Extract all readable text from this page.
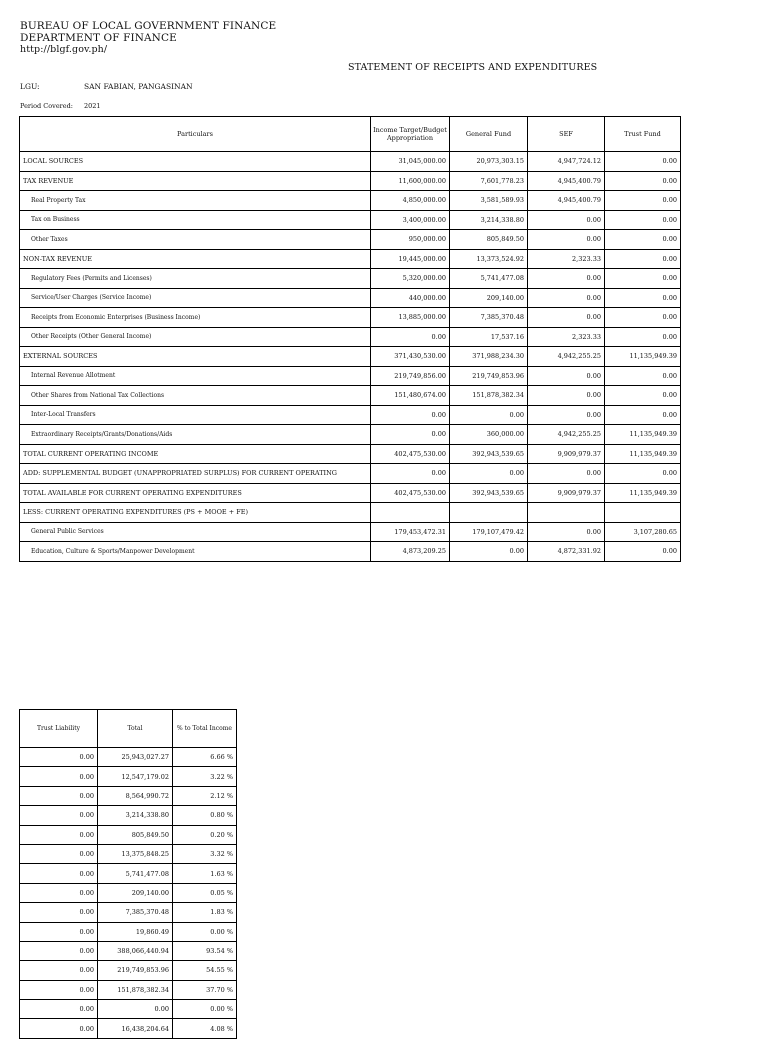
BUREAU OF LOCAL GOVERNMENT FINANCE
DEPARTMENT OF FINANCE
http://blgf.gov.ph/
STATEMENT OF RECEIPTS AND EXPENDITURES
LGU:	SAN FABIAN, PANGASINAN
Period Covered: 2021
Particulars	Income Target/Budget Appropriation	General Fund	SEF	Trust Fund
LOCAL SOURCES	31,045,000.00	20,973,303.15	4,947,724.12	0.00
TAX REVENUE	11,600,000.00	7,601,778.23	4,945,400.79	0.00
Real Property Tax	4,850,000.00	3,581,589.93	4,945,400.79	0.00
Tax on Business	3,400,000.00	3,214,338.80	0.00	0.00
Other Taxes	950,000.00	805,849.50	0.00	0.00
NON-TAX REVENUE	19,445,000.00	13,373,524.92	2,323.33	0.00
Regulatory Fees (Permits and Licenses)	5,320,000.00	5,741,477.08	0.00	0.00
Service/User Charges (Service Income)	440,000.00	209,140.00	0.00	0.00
Receipts from Economic Enterprises (Business Income)	13,885,000.00	7,385,370.48	0.00	0.00
Other Receipts (Other General Income)	0.00	17,537.16	2,323.33	0.00
EXTERNAL SOURCES	371,430,530.00	371,988,234.30	4,942,255.25	11,135,949.39
Internal Revenue Allotment	219,749,856.00	219,749,853.96	0.00	0.00
Other Shares from National Tax Collections	151,480,674.00	151,878,382.34	0.00	0.00
Inter-Local Transfers	0.00	0.00	0.00	0.00
Extraordinary Receipts/Grants/Donations/Aids	0.00	360,000.00	4,942,255.25	11,135,949.39
TOTAL CURRENT OPERATING INCOME	402,475,530.00	392,943,539.65	9,909,979.37	11,135,949.39
ADD: SUPPLEMENTAL BUDGET (UNAPPROPRIATED SURPLUS) FOR CURRENT OPERATING	0.00	0.00	0.00	0.00
TOTAL AVAILABLE FOR CURRENT OPERATING EXPENDITURES	402,475,530.00	392,943,539.65	9,909,979.37	11,135,949.39
LESS: CURRENT OPERATING EXPENDITURES (PS + MOOE + FE)				
General Public Services	179,453,472.31	179,107,479.42	0.00	3,107,280.65
Education, Culture & Sports/Manpower Development	4,873,209.25	0.00	4,872,331.92	0.00
Trust Liability	Total	% to Total Income
0.00	25,943,027.27	6.66 %
0.00	12,547,179.02	3.22 %
0.00	8,564,990.72	2.12 %
0.00	3,214,338.80	0.80 %
0.00	805,849.50	0.20 %
0.00	13,375,848.25	3.32 %
0.00	5,741,477.08	1.63 %
0.00	209,140.00	0.05 %
0.00	7,385,370.48	1.83 %
0.00	19,860.49	0.00 %
0.00	388,066,440.94	93.54 %
0.00	219,749,853.96	54.55 %
0.00	151,878,382.34	37.70 %
0.00	0.00	0.00 %
0.00	16,438,204.64	4.08 %
